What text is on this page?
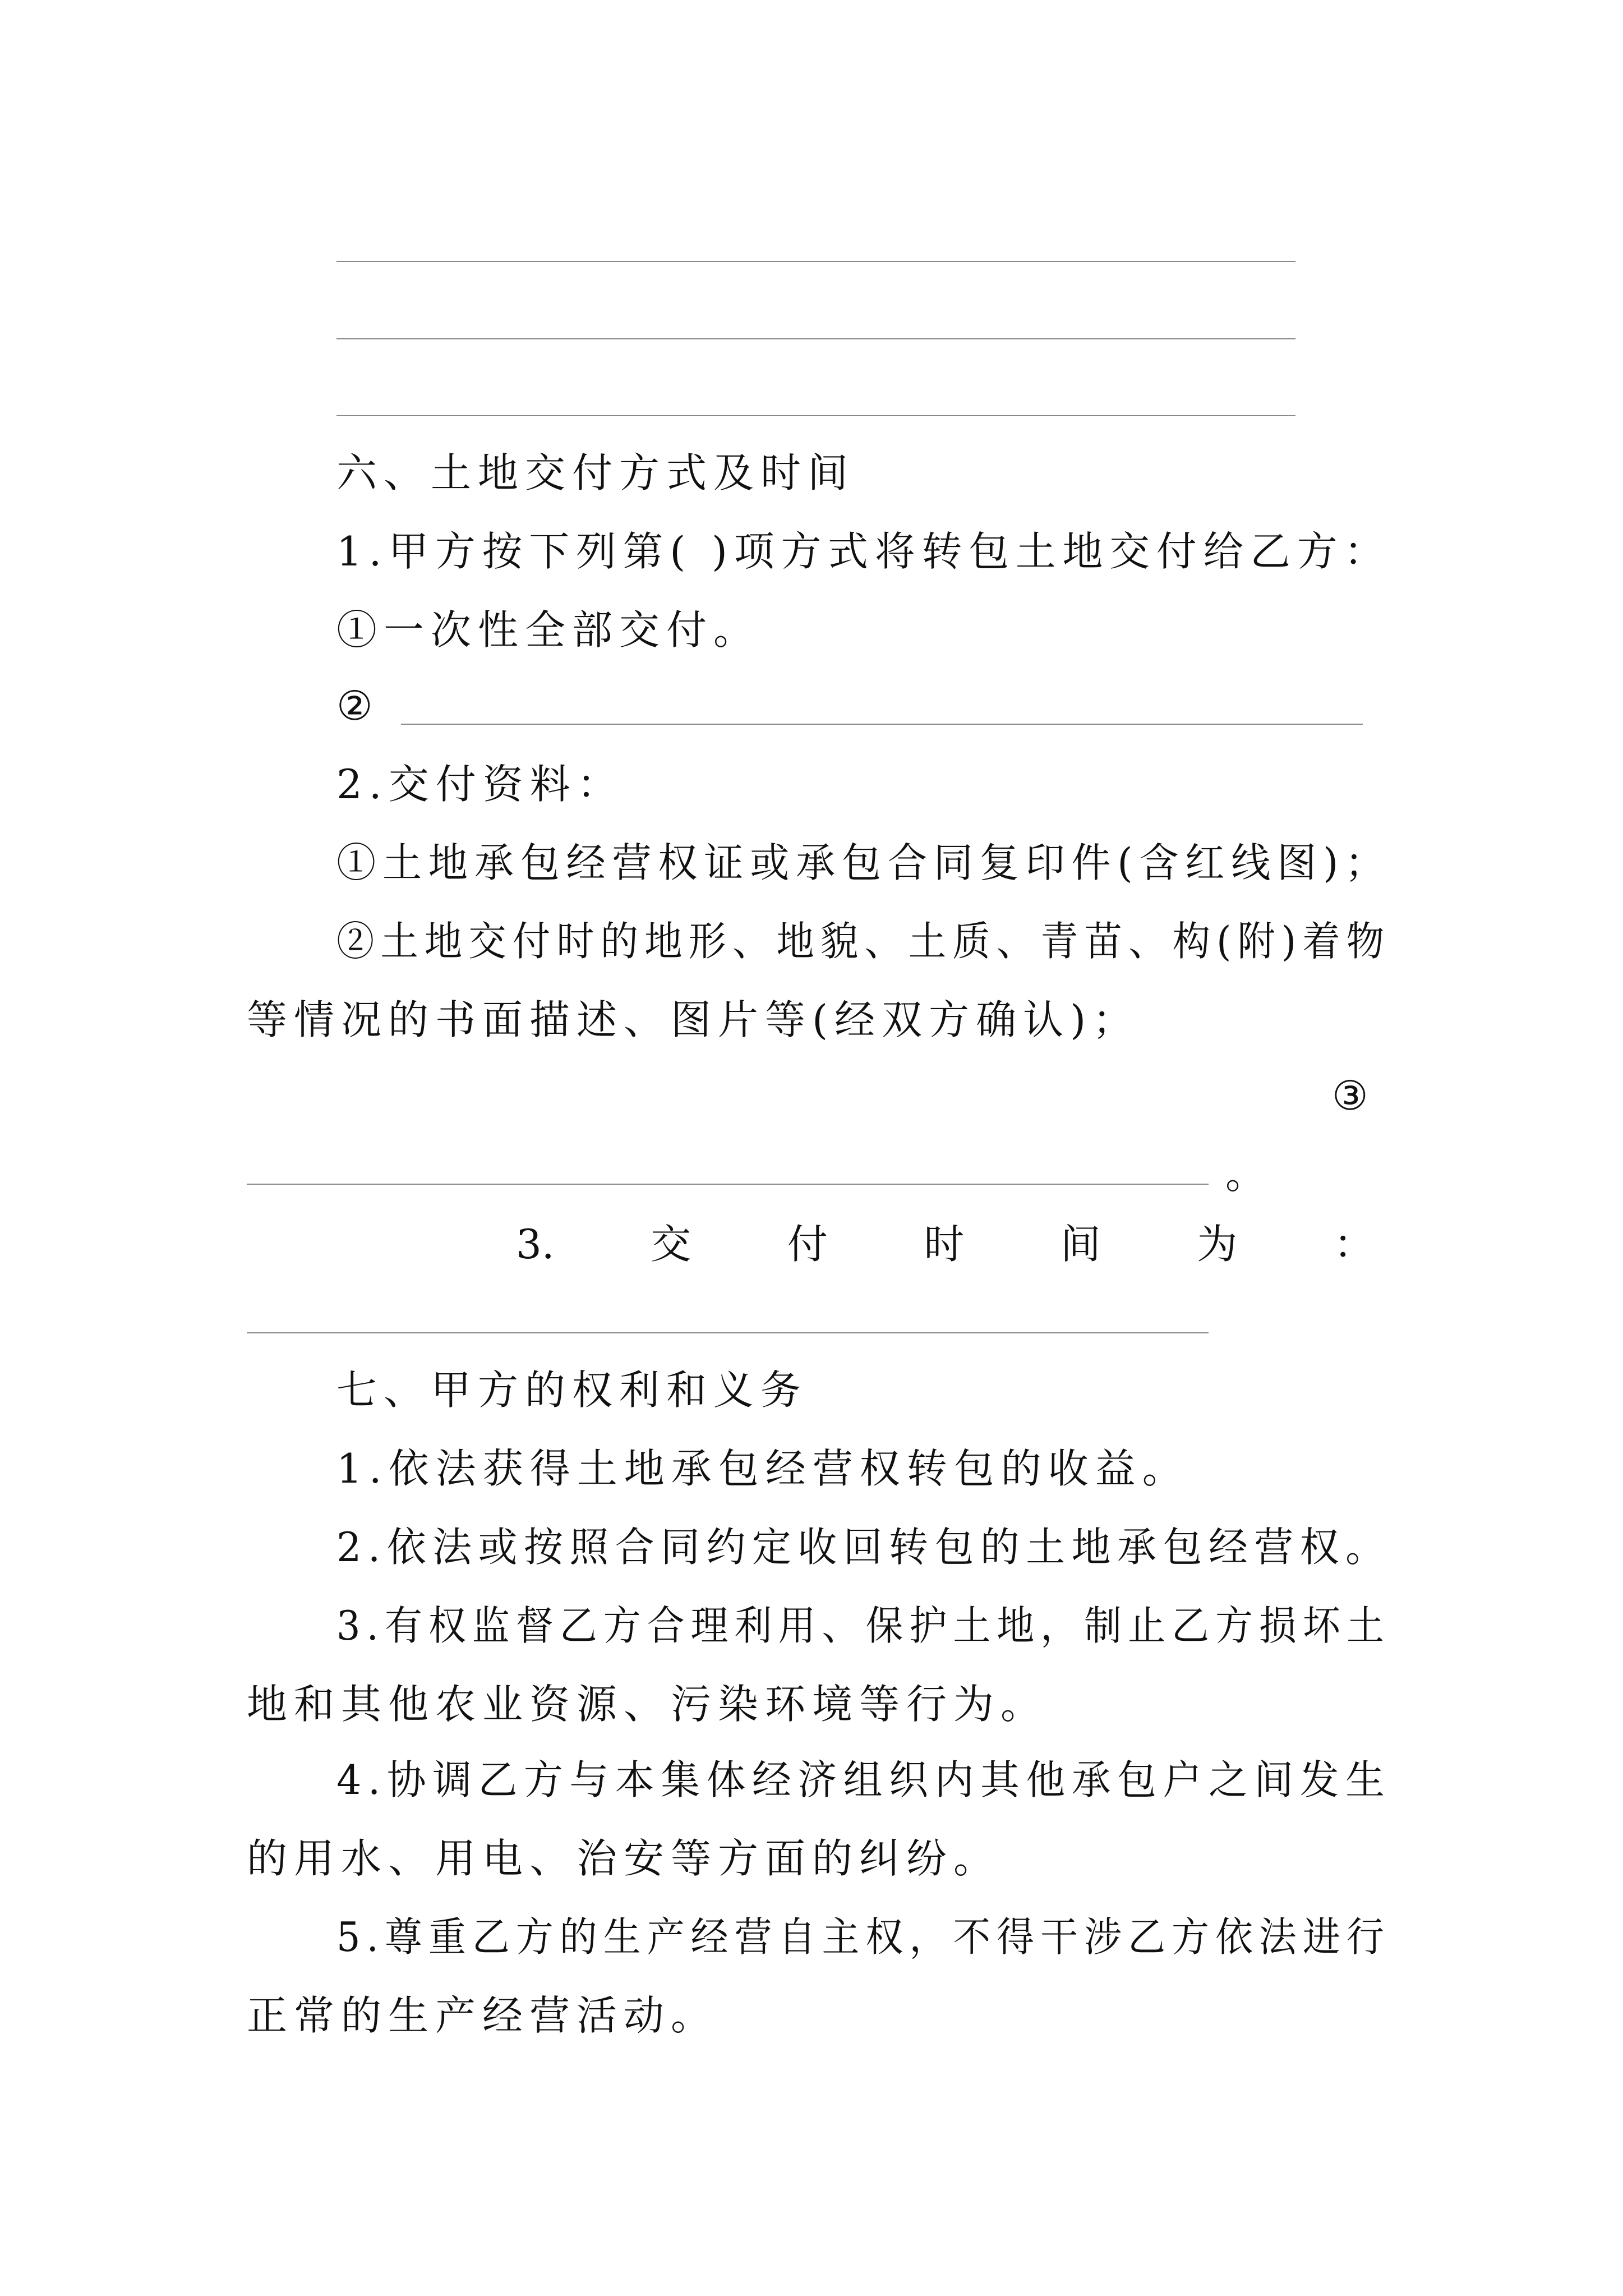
六、土地交付方式及时间
1.甲方按下列第( )项方式将转包土地交付给乙方：
①一次性全部交付。
②
2.交付资料：
①土地承包经营权证或承包合同复印件(含红线图)；
②土地交付时的地形、地貌、土质、青苗、构(附)着物
等情况的书面描述、图片等(经双方确认)；
③
。
3. 交 付 时 间 为 ：
七、甲方的权利和义务
1.依法获得土地承包经营权转包的收益。
2.依法或按照合同约定收回转包的土地承包经营权。
3.有权监督乙方合理利用、保护土地，制止乙方损坏土
地和其他农业资源、污染环境等行为。
4.协调乙方与本集体经济组织内其他承包户之间发生
的用水、用电、治安等方面的纠纷。
5.尊重乙方的生产经营自主权，不得干涉乙方依法进行
正常的生产经营活动。
